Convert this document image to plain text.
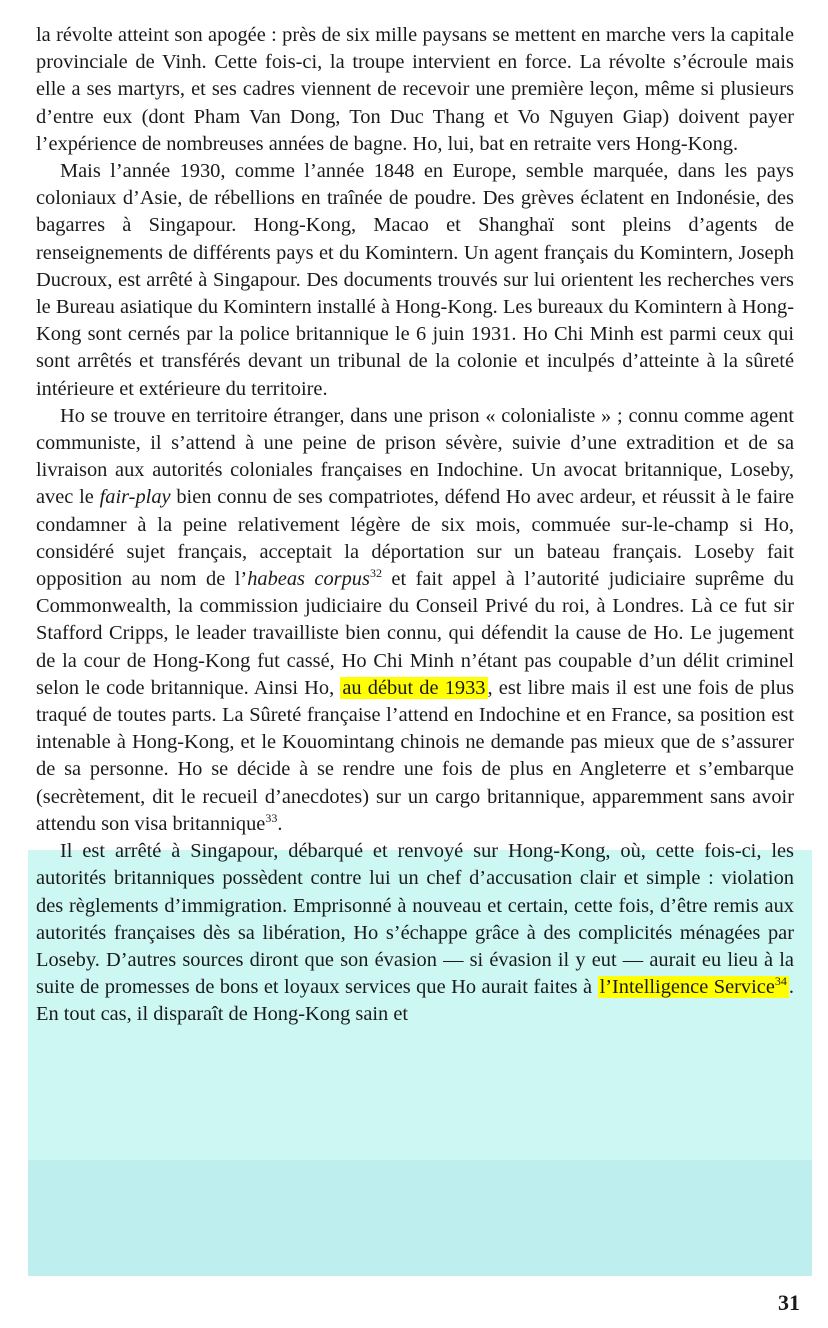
la révolte atteint son apogée : près de six mille paysans se mettent en marche vers la capitale provinciale de Vinh. Cette fois-ci, la troupe intervient en force. La révolte s’écroule mais elle a ses martyrs, et ses cadres viennent de recevoir une première leçon, même si plusieurs d’entre eux (dont Pham Van Dong, Ton Duc Thang et Vo Nguyen Giap) doivent payer l’expérience de nombreuses années de bagne. Ho, lui, bat en retraite vers Hong-Kong.

Mais l’année 1930, comme l’année 1848 en Europe, semble marquée, dans les pays coloniaux d’Asie, de rébellions en traînée de poudre. Des grèves éclatent en Indonésie, des bagarres à Singapour. Hong-Kong, Macao et Shanghaï sont pleins d’agents de renseignements de différents pays et du Komintern. Un agent français du Komintern, Joseph Ducroux, est arrêté à Singapour. Des documents trouvés sur lui orientent les recherches vers le Bureau asiatique du Komintern installé à Hong-Kong. Les bureaux du Komintern à Hong-Kong sont cernés par la police britannique le 6 juin 1931. Ho Chi Minh est parmi ceux qui sont arrêtés et transférés devant un tribunal de la colonie et inculpés d’atteinte à la sûreté intérieure et extérieure du territoire.

Ho se trouve en territoire étranger, dans une prison « colonialiste » ; connu comme agent communiste, il s’attend à une peine de prison sévère, suivie d’une extradition et de sa livraison aux autorités coloniales françaises en Indochine. Un avocat britannique, Loseby, avec le fair-play bien connu de ses compatriotes, défend Ho avec ardeur, et réussit à le faire condamner à la peine relativement légère de six mois, commuée sur-le-champ si Ho, considéré sujet français, acceptait la déportation sur un bateau français. Loseby fait opposition au nom de l’habeas corpus$^{32}$ et fait appel à l’autorité judiciaire suprême du Commonwealth, la commission judiciaire du Conseil Privé du roi, à Londres. Là ce fut sir Stafford Cripps, le leader travailliste bien connu, qui défendit la cause de Ho. Le jugement de la cour de Hong-Kong fut cassé, Ho Chi Minh n’étant pas coupable d’un délit criminel selon le code britannique. Ainsi Ho, au début de 1933, est libre mais il est une fois de plus traqué de toutes parts. La Sûreté française l’attend en Indochine et en France, sa position est intenable à Hong-Kong, et le Kouomintang chinois ne demande pas mieux que de s’assurer de sa personne. Ho se décide à se rendre une fois de plus en Angleterre et s’embarque (secrètement, dit le recueil d’anecdotes) sur un cargo britannique, apparemment sans avoir attendu son visa britannique$^{33}$.

Il est arrêté à Singapour, débarqué et renvoyé sur Hong-Kong, où, cette fois-ci, les autorités britanniques possèdent contre lui un chef d’accusation clair et simple : violation des règlements d’immigration. Emprisonné à nouveau et certain, cette fois, d’être remis aux autorités françaises dès sa libération, Ho s’échappe grâce à des complicités ménagées par Loseby. D’autres sources diront que son évasion — si évasion il y eut — aurait eu lieu à la suite de promesses de bons et loyaux services que Ho aurait faites à l’Intelligence Service$^{34}$. En tout cas, il disparaît de Hong-Kong sain et

31
